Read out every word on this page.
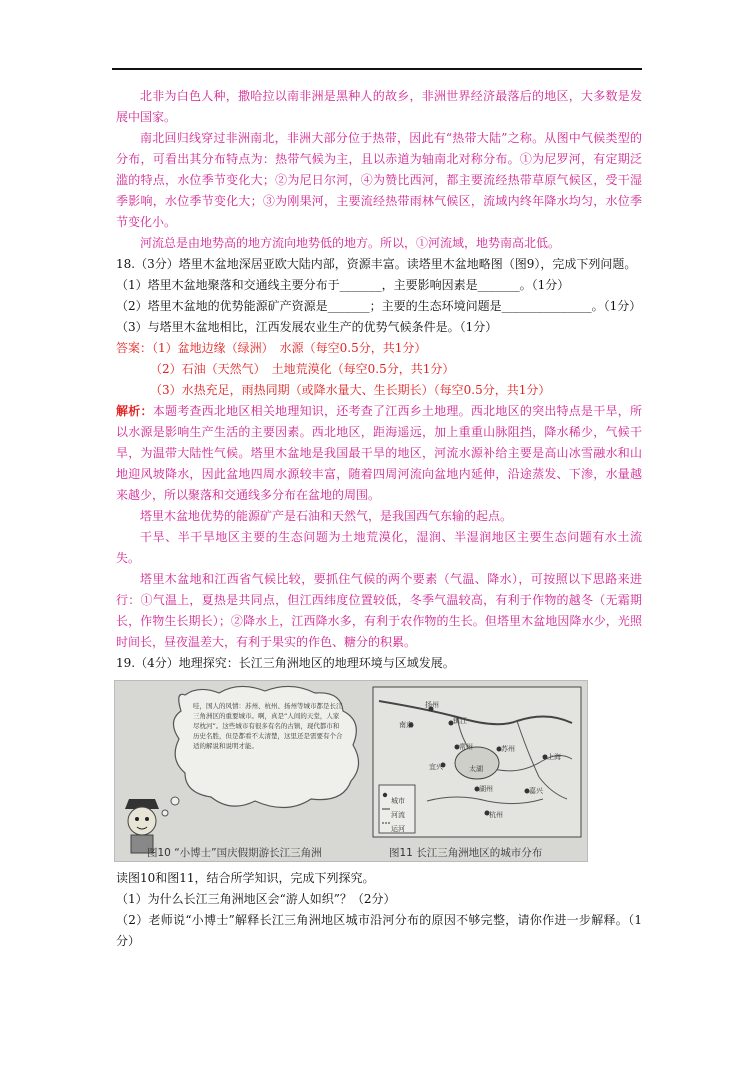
北非为白色人种，撒哈拉以南非洲是黑种人的故乡，非洲世界经济最落后的地区，大多数是发展中国家。

南北回归线穿过非洲南北，非洲大部分位于热带，因此有“热带大陆”之称。从图中气候类型的分布，可看出其分布特点为：热带气候为主，且以赤道为轴南北对称分布。①为尼罗河，有定期泛滥的特点，水位季节变化大；②为尼日尔河，④为赞比西河，都主要流经热带草原气候区，受干湿季影响，水位季节变化大；③为刚果河，主要流经热带雨林气候区，流域内终年降水均匀，水位季节变化小。

河流总是由地势高的地方流向地势低的地方。所以，①河流域，地势南高北低。

18.（3分）塔里木盆地深居亚欧大陆内部，资源丰富。读塔里木盆地略图（图9），完成下列问题。

（1）塔里木盆地聚落和交通线主要分布于_______，主要影响因素是_______。（1分）

（2）塔里木盆地的优势能源矿产资源是_______；主要的生态环境问题是_______________。（1分）

（3）与塔里木盆地相比，江西发展农业生产的优势气候条件是。（1分）

答案：（1）盆地边缘（绿洲）　水源（每空0.5分，共1分）

（2）石油（天然气）　土地荒漠化（每空0.5分，共1分）

（3）水热充足，雨热同期（或降水量大、生长期长）（每空0.5分，共1分）

解析：本题考查西北地区相关地理知识，还考查了江西乡土地理。西北地区的突出特点是干旱，所以水源是影响生产生活的主要因素。西北地区，距海遥远，加上重重山脉阻挡，降水稀少，气候干旱，为温带大陆性气候。塔里木盆地是我国最干旱的地区，河流水源补给主要是高山冰雪融水和山地迎风坡降水，因此盆地四周水源较丰富，随着四周河流向盆地内延伸，沿途蒸发、下渗，水量越来越少，所以聚落和交通线多分布在盆地的周围。

塔里木盆地优势的能源矿产是石油和天然气，是我国西气东输的起点。

干旱、半干旱地区主要的生态问题为土地荒漠化，湿润、半湿润地区主要生态问题有水土流失。

塔里木盆地和江西省气候比较，要抓住气候的两个要素（气温、降水），可按照以下思路来进行：①气温上，夏热是共同点，但江西纬度位置较低，冬季气温较高，有利于作物的越冬（无霜期长，作物生长期长）；②降水上，江西降水多，有利于农作物的生长。但塔里木盆地因降水少，光照时间长，昼夜温差大，有利于果实的作色、糖分的积累。

19.（4分）地理探究：长江三角洲地区的地理环境与区域发展。

哇，国人的风情：苏州、杭州、扬州等城市都是长江三角洲区的重要城市。啊，真是“人间的天堂，人家尽枕河”。这些城市有很多有名的古镇，现代都市和历史名胜，但是都看不太清楚，这里还是需要有个合适的解说和说明才能。
图10 “小博士”国庆假期游长江三角洲
扬州
南京	镇江
常州	苏州
上海
嘉兴
湖州
杭州
宜兴	太湖
城市
河流
运河
图11 长江三角洲地区的城市分布

读图10和图11，结合所学知识，完成下列探究。

（1）为什么长江三角洲地区会“游人如织”？（2分）

（2）老师说“小博士”解释长江三角洲地区城市沿河分布的原因不够完整，请你作进一步解释。（1分）
